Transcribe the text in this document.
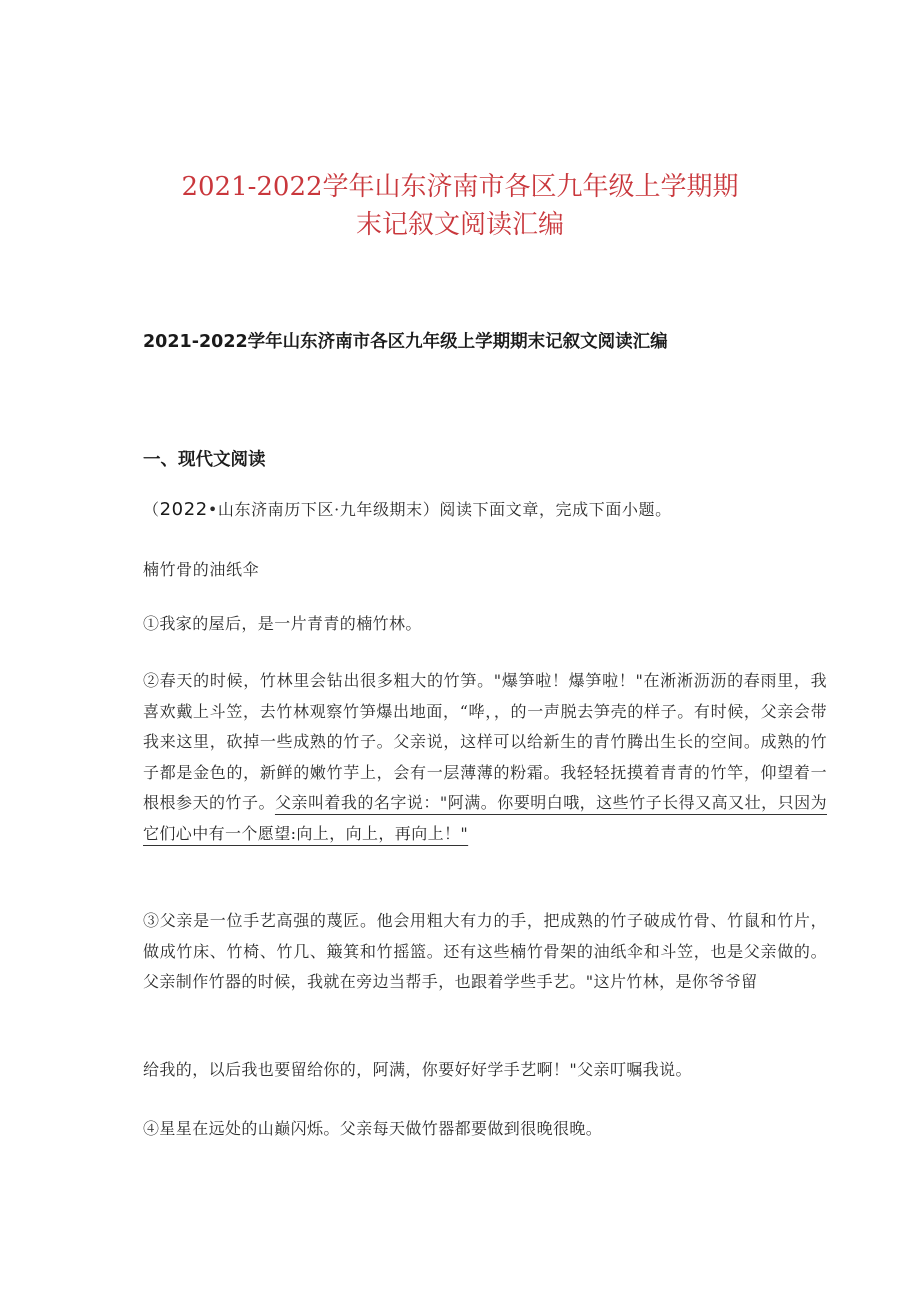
2021-2022学年山东济南市各区九年级上学期期
末记叙文阅读汇编

2021-2022学年山东济南市各区九年级上学期期末记叙文阅读汇编

一、现代文阅读

（2022•山东济南历下区·九年级期末）阅读下面文章，完成下面小题。

楠竹骨的油纸伞

①我家的屋后，是一片青青的楠竹林。

②春天的时候，竹林里会钻出很多粗大的竹笋。"爆笋啦！爆笋啦！"在淅淅沥沥的春雨里，我喜欢戴上斗笠，去竹林观察竹笋爆出地面，“哗，，的一声脱去笋壳的样子。有时候，父亲会带我来这里，砍掉一些成熟的竹子。父亲说，这样可以给新生的青竹腾出生长的空间。成熟的竹子都是金色的，新鲜的嫩竹芋上，会有一层薄薄的粉霜。我轻轻抚摸着青青的竹竿，仰望着一根根参天的竹子。父亲叫着我的名字说："阿满。你要明白哦，这些竹子长得又高又壮，只因为它们心中有一个愿望:向上，向上，再向上！"

③父亲是一位手艺高强的蔑匠。他会用粗大有力的手，把成熟的竹子破成竹骨、竹鼠和竹片，做成竹床、竹椅、竹几、簸箕和竹摇篮。还有这些楠竹骨架的油纸伞和斗笠，也是父亲做的。父亲制作竹器的时候，我就在旁边当帮手，也跟着学些手艺。"这片竹林，是你爷爷留

给我的，以后我也要留给你的，阿满，你要好好学手艺啊！"父亲叮嘱我说。

④星星在远处的山巅闪烁。父亲每天做竹器都要做到很晚很晚。
